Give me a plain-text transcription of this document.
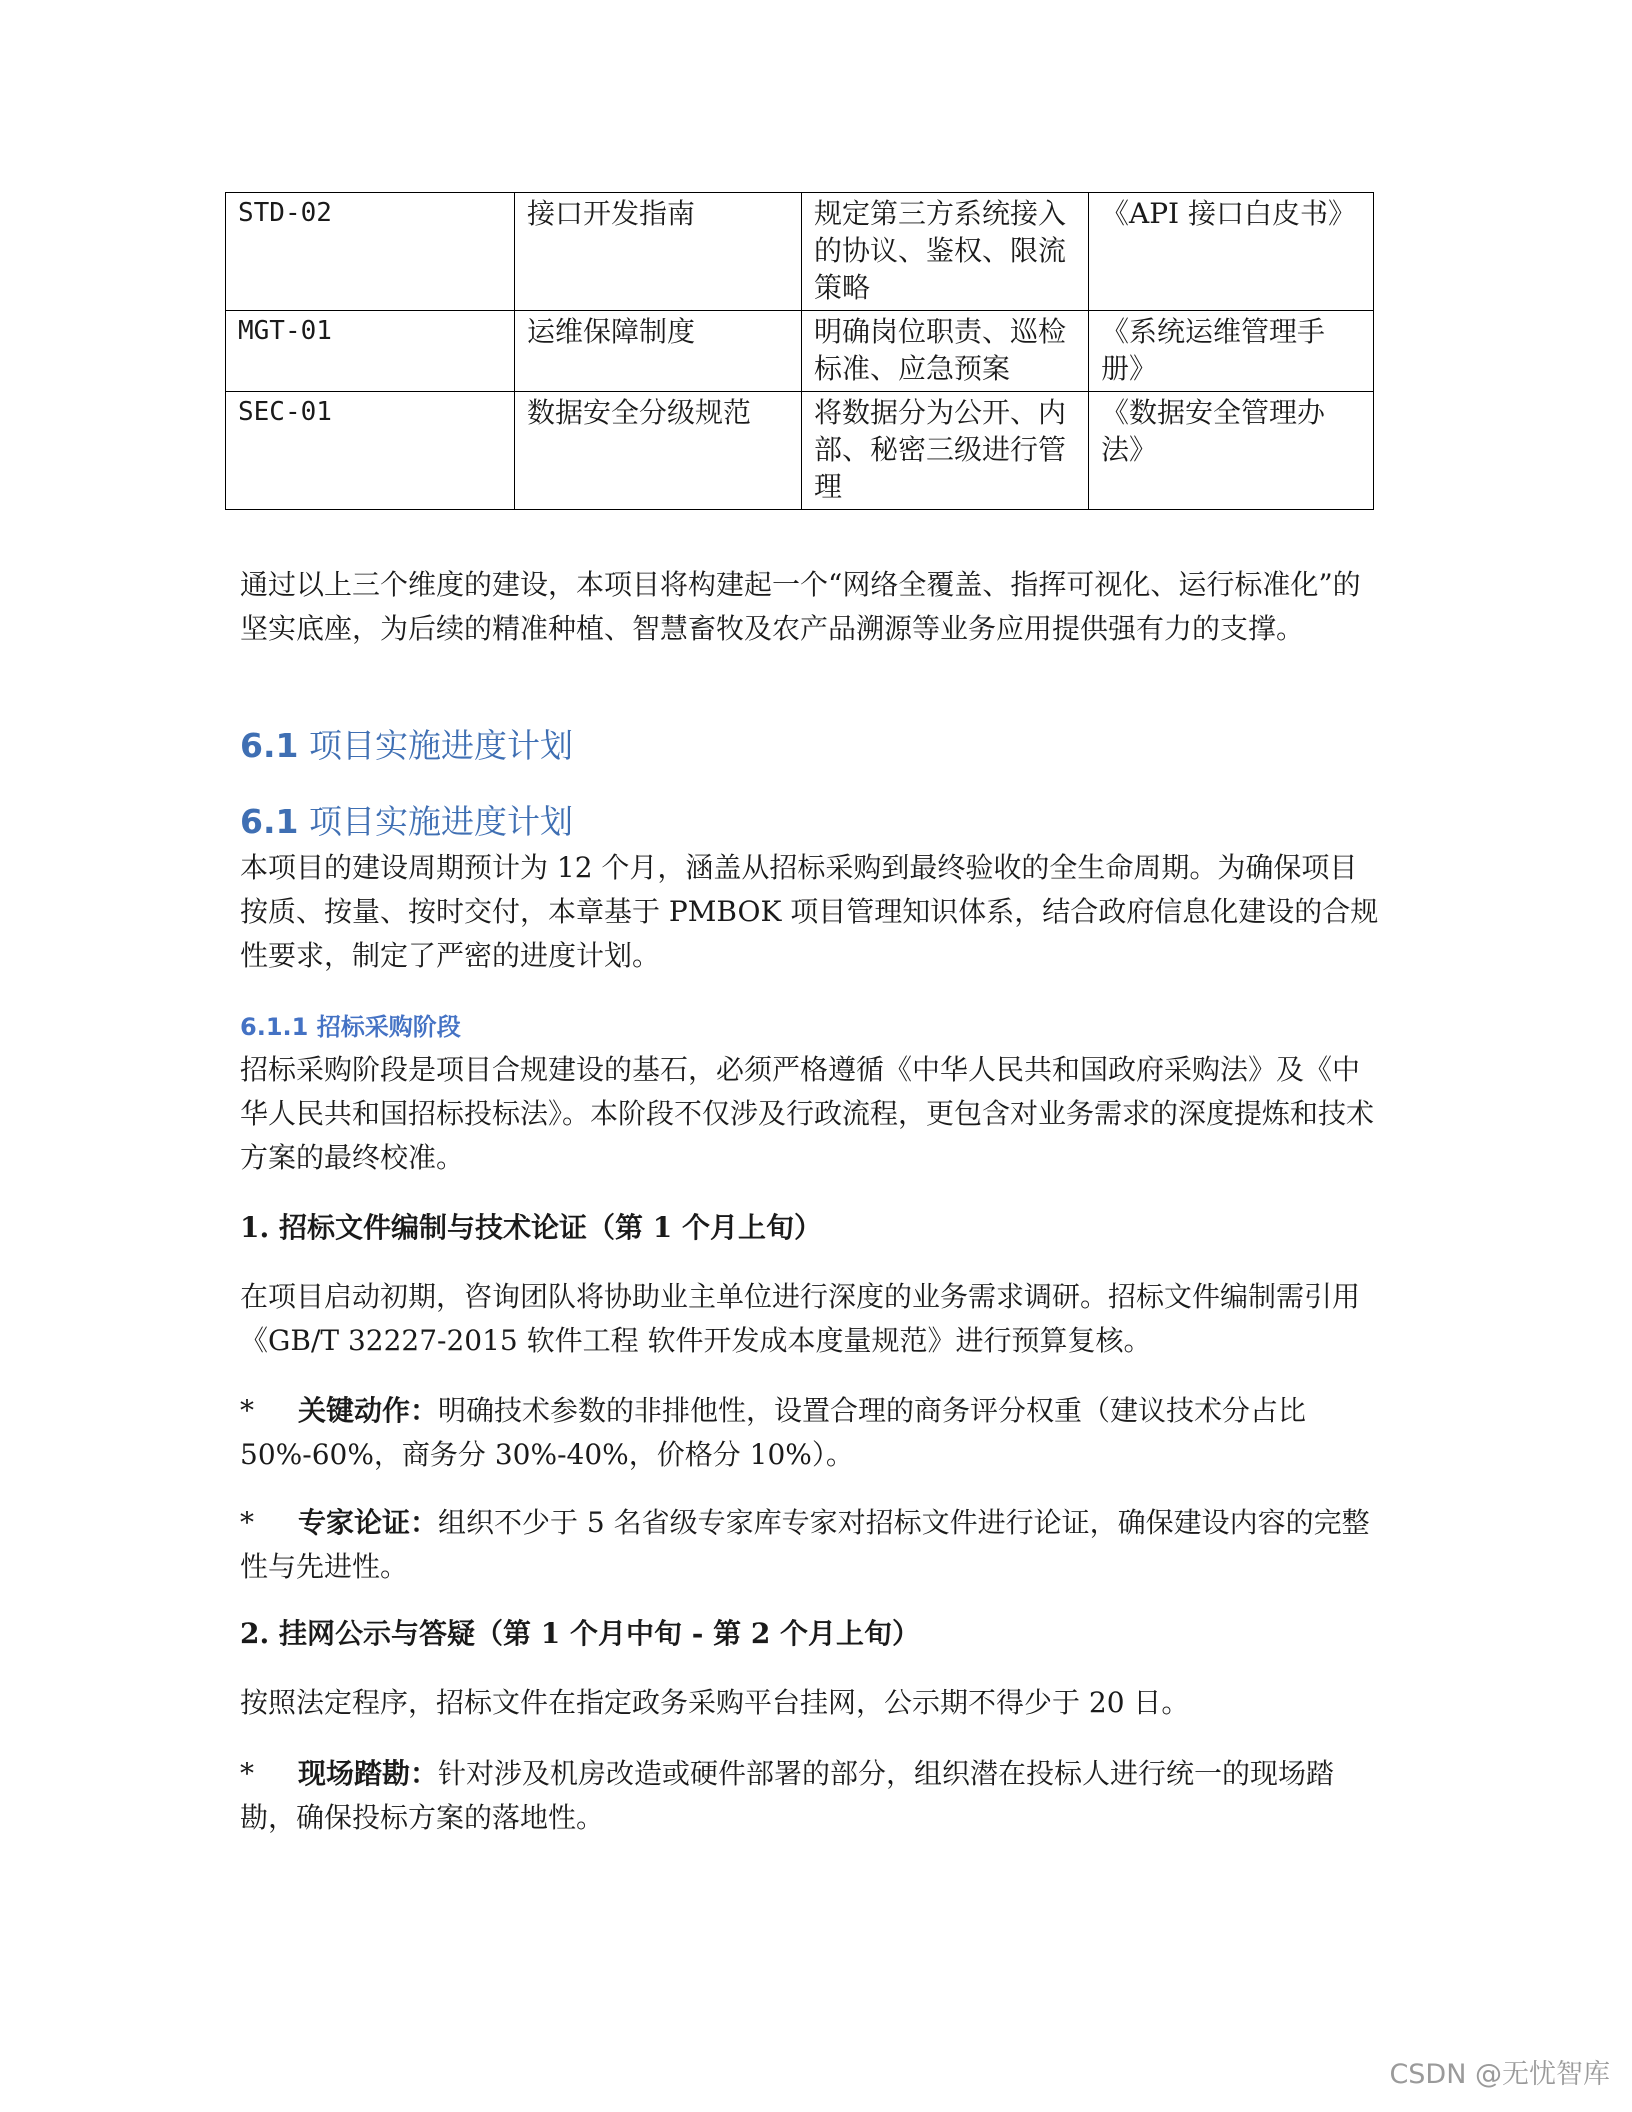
STD-02	接口开发指南	规定第三方系统接入的协议、鉴权、限流策略	《API 接口白皮书》
MGT-01	运维保障制度	明确岗位职责、巡检标准、应急预案	《系统运维管理手册》
SEC-01	数据安全分级规范	将数据分为公开、内部、秘密三级进行管理	《数据安全管理办法》

通过以上三个维度的建设，本项目将构建起一个“网络全覆盖、指挥可视化、运行标准化”的坚实底座，为后续的精准种植、智慧畜牧及农产品溯源等业务应用提供强有力的支撑。

6.1 项目实施进度计划
6.1 项目实施进度计划

本项目的建设周期预计为 12 个月，涵盖从招标采购到最终验收的全生命周期。为确保项目按质、按量、按时交付，本章基于 PMBOK 项目管理知识体系，结合政府信息化建设的合规性要求，制定了严密的进度计划。

6.1.1 招标采购阶段

招标采购阶段是项目合规建设的基石，必须严格遵循《中华人民共和国政府采购法》及《中华人民共和国招标投标法》。本阶段不仅涉及行政流程，更包含对业务需求的深度提炼和技术方案的最终校准。

1. 招标文件编制与技术论证（第 1 个月上旬）

在项目启动初期，咨询团队将协助业主单位进行深度的业务需求调研。招标文件编制需引用《GB/T 32227-2015 软件工程 软件开发成本度量规范》进行预算复核。

* 关键动作：明确技术参数的非排他性，设置合理的商务评分权重（建议技术分占比 50%-60%，商务分 30%-40%，价格分 10%）。

* 专家论证：组织不少于 5 名省级专家库专家对招标文件进行论证，确保建设内容的完整性与先进性。

2. 挂网公示与答疑（第 1 个月中旬 - 第 2 个月上旬）

按照法定程序，招标文件在指定政务采购平台挂网，公示期不得少于 20 日。

* 现场踏勘：针对涉及机房改造或硬件部署的部分，组织潜在投标人进行统一的现场踏勘，确保投标方案的落地性。

CSDN @无忧智库
